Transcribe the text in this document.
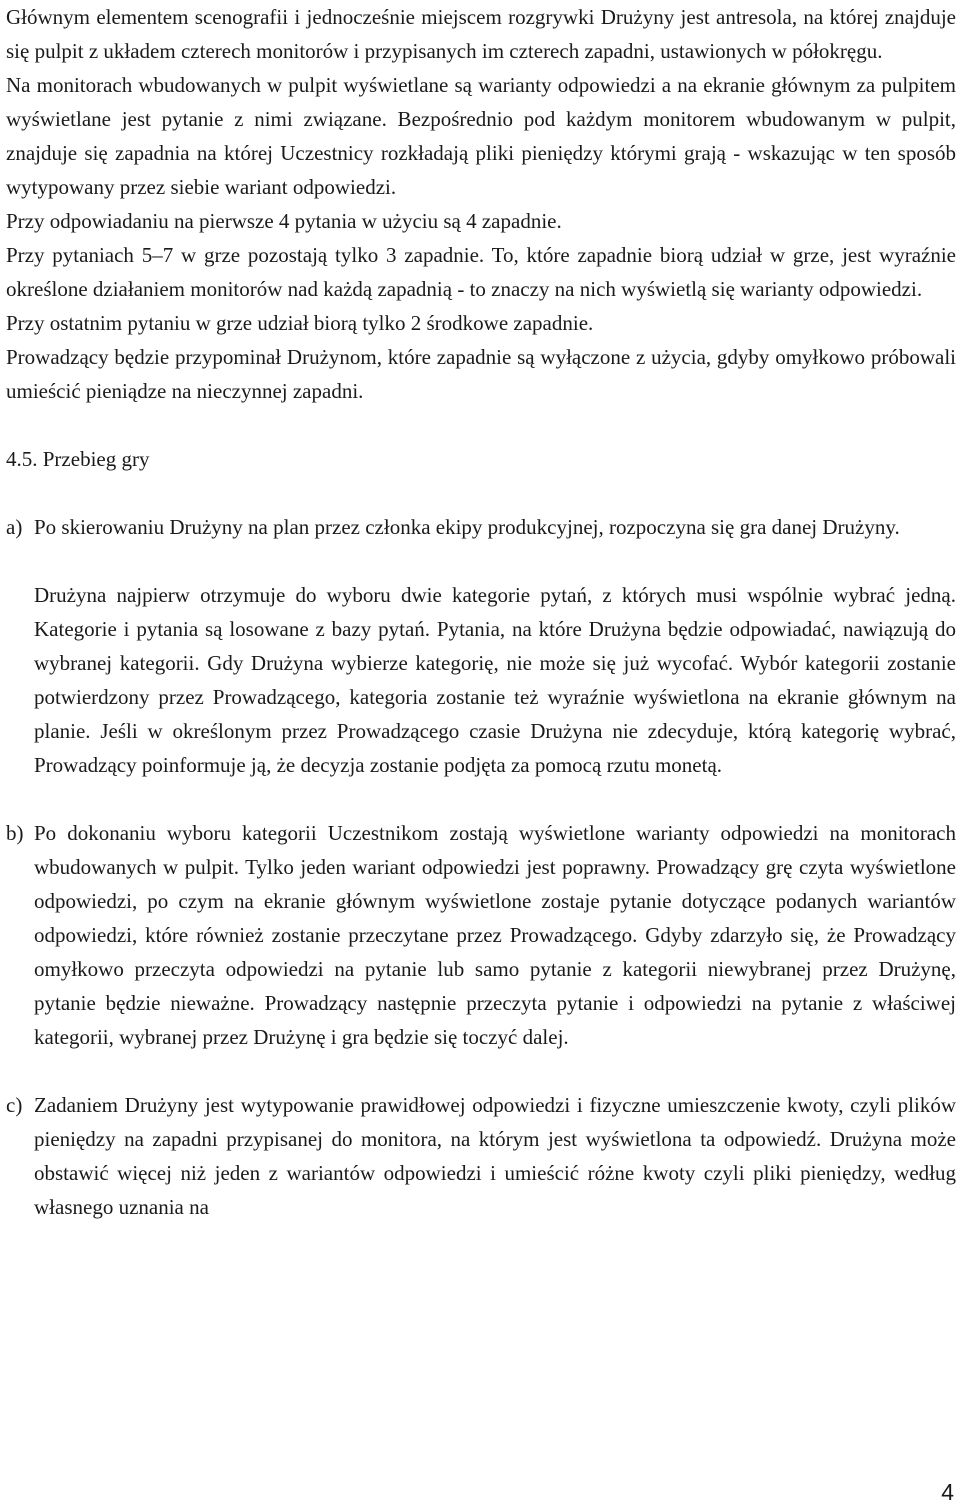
Głównym elementem scenografii i jednocześnie miejscem rozgrywki Drużyny jest antresola, na której znajduje się pulpit z układem czterech monitorów i przypisanych im czterech zapadni, ustawionych w półokręgu.

Na monitorach wbudowanych w pulpit wyświetlane są warianty odpowiedzi a na ekranie głównym za pulpitem wyświetlane jest pytanie z nimi związane. Bezpośrednio pod każdym monitorem wbudowanym w pulpit, znajduje się zapadnia na której Uczestnicy rozkładają pliki pieniędzy którymi grają - wskazując w ten sposób wytypowany przez siebie wariant odpowiedzi.

Przy odpowiadaniu na pierwsze 4 pytania w użyciu są 4 zapadnie.

Przy pytaniach 5–7 w grze pozostają tylko 3 zapadnie. To, które zapadnie biorą udział w grze, jest wyraźnie określone działaniem monitorów nad każdą zapadnią - to znaczy na nich wyświetlą się warianty odpowiedzi.

Przy ostatnim pytaniu w grze udział biorą tylko 2 środkowe zapadnie.

Prowadzący będzie przypominał Drużynom, które zapadnie są wyłączone z użycia, gdyby omyłkowo próbowali umieścić pieniądze na nieczynnej zapadni.

4.5. Przebieg gry

a) Po skierowaniu Drużyny na plan przez członka ekipy produkcyjnej, rozpoczyna się gra danej Drużyny.

Drużyna najpierw otrzymuje do wyboru dwie kategorie pytań, z których musi wspólnie wybrać jedną. Kategorie i pytania są losowane z bazy pytań. Pytania, na które Drużyna będzie odpowiadać, nawiązują do wybranej kategorii. Gdy Drużyna wybierze kategorię, nie może się już wycofać. Wybór kategorii zostanie potwierdzony przez Prowadzącego, kategoria zostanie też wyraźnie wyświetlona na ekranie głównym na planie. Jeśli w określonym przez Prowadzącego czasie Drużyna nie zdecyduje, którą kategorię wybrać, Prowadzący poinformuje ją, że decyzja zostanie podjęta za pomocą rzutu monetą.

b) Po dokonaniu wyboru kategorii Uczestnikom zostają wyświetlone warianty odpowiedzi na monitorach wbudowanych w pulpit. Tylko jeden wariant odpowiedzi jest poprawny. Prowadzący grę czyta wyświetlone odpowiedzi, po czym na ekranie głównym wyświetlone zostaje pytanie dotyczące podanych wariantów odpowiedzi, które również zostanie przeczytane przez Prowadzącego. Gdyby zdarzyło się, że Prowadzący omyłkowo przeczyta odpowiedzi na pytanie lub samo pytanie z kategorii niewybranej przez Drużynę, pytanie będzie nieważne. Prowadzący następnie przeczyta pytanie i odpowiedzi na pytanie z właściwej kategorii, wybranej przez Drużynę i gra będzie się toczyć dalej.

c) Zadaniem Drużyny jest wytypowanie prawidłowej odpowiedzi i fizyczne umieszczenie kwoty, czyli plików pieniędzy na zapadni przypisanej do monitora, na którym jest wyświetlona ta odpowiedź. Drużyna może obstawić więcej niż jeden z wariantów odpowiedzi i umieścić różne kwoty czyli pliki pieniędzy, według własnego uznania na

4
